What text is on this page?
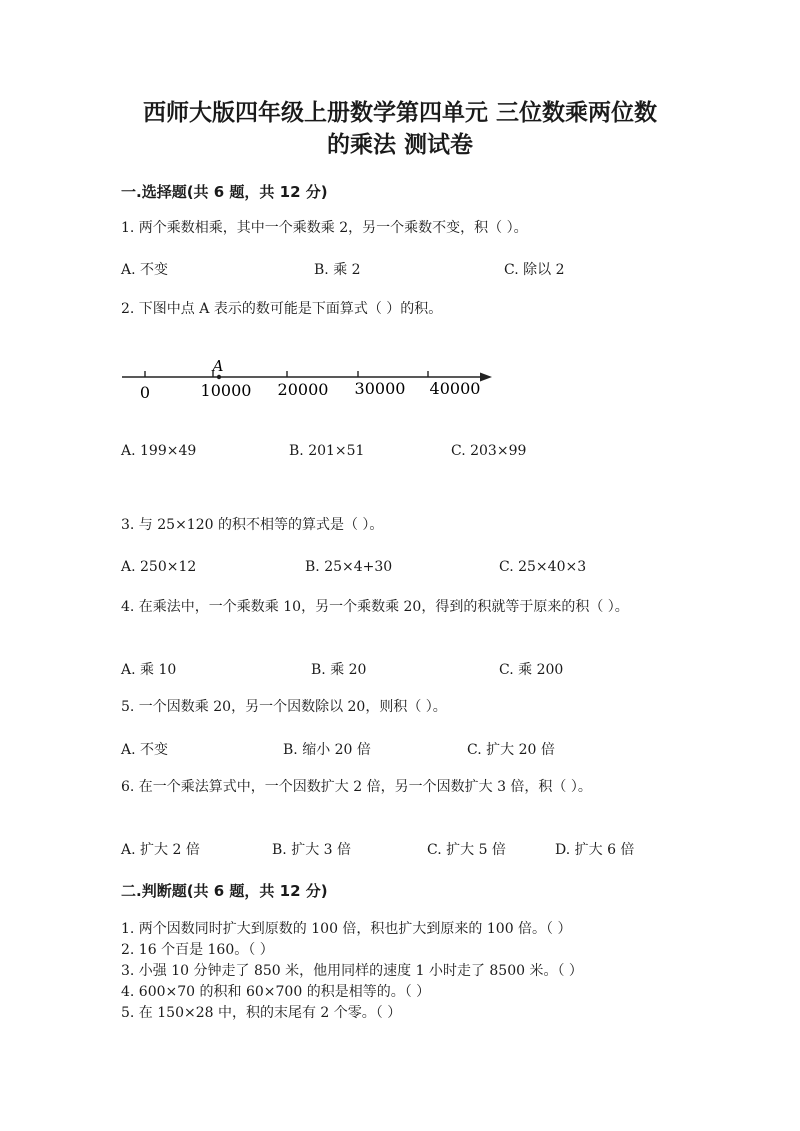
西师大版四年级上册数学第四单元 三位数乘两位数
的乘法 测试卷
一.选择题(共 6 题，共 12 分)

1. 两个乘数相乘，其中一个乘数乘 2，另一个乘数不变，积（ ）。

A. 不变	B. 乘 2	C. 除以 2

2. 下图中点 A 表示的数可能是下面算式（ ）的积。

A
0	10000 20000 30000 40000

A. 199×49	B. 201×51	C. 203×99

3. 与 25×120 的积不相等的算式是（ ）。

A. 250×12	B. 25×4+30	C. 25×40×3

4. 在乘法中，一个乘数乘 10，另一个乘数乘 20，得到的积就等于原来的积（ ）。

A. 乘 10	B. 乘 20	C. 乘 200

5. 一个因数乘 20，另一个因数除以 20，则积（ ）。

A. 不变	B. 缩小 20 倍	C. 扩大 20 倍

6. 在一个乘法算式中，一个因数扩大 2 倍，另一个因数扩大 3 倍，积（ ）。

A. 扩大 2 倍	B. 扩大 3 倍	C. 扩大 5 倍	D. 扩大 6 倍

二.判断题(共 6 题，共 12 分)

1. 两个因数同时扩大到原数的 100 倍，积也扩大到原来的 100 倍。（ ）

2. 16 个百是 160。（ ）

3. 小强 10 分钟走了 850 米，他用同样的速度 1 小时走了 8500 米。（ ）

4. 600×70 的积和 60×700 的积是相等的。（ ）

5. 在 150×28 中，积的末尾有 2 个零。（ ）
